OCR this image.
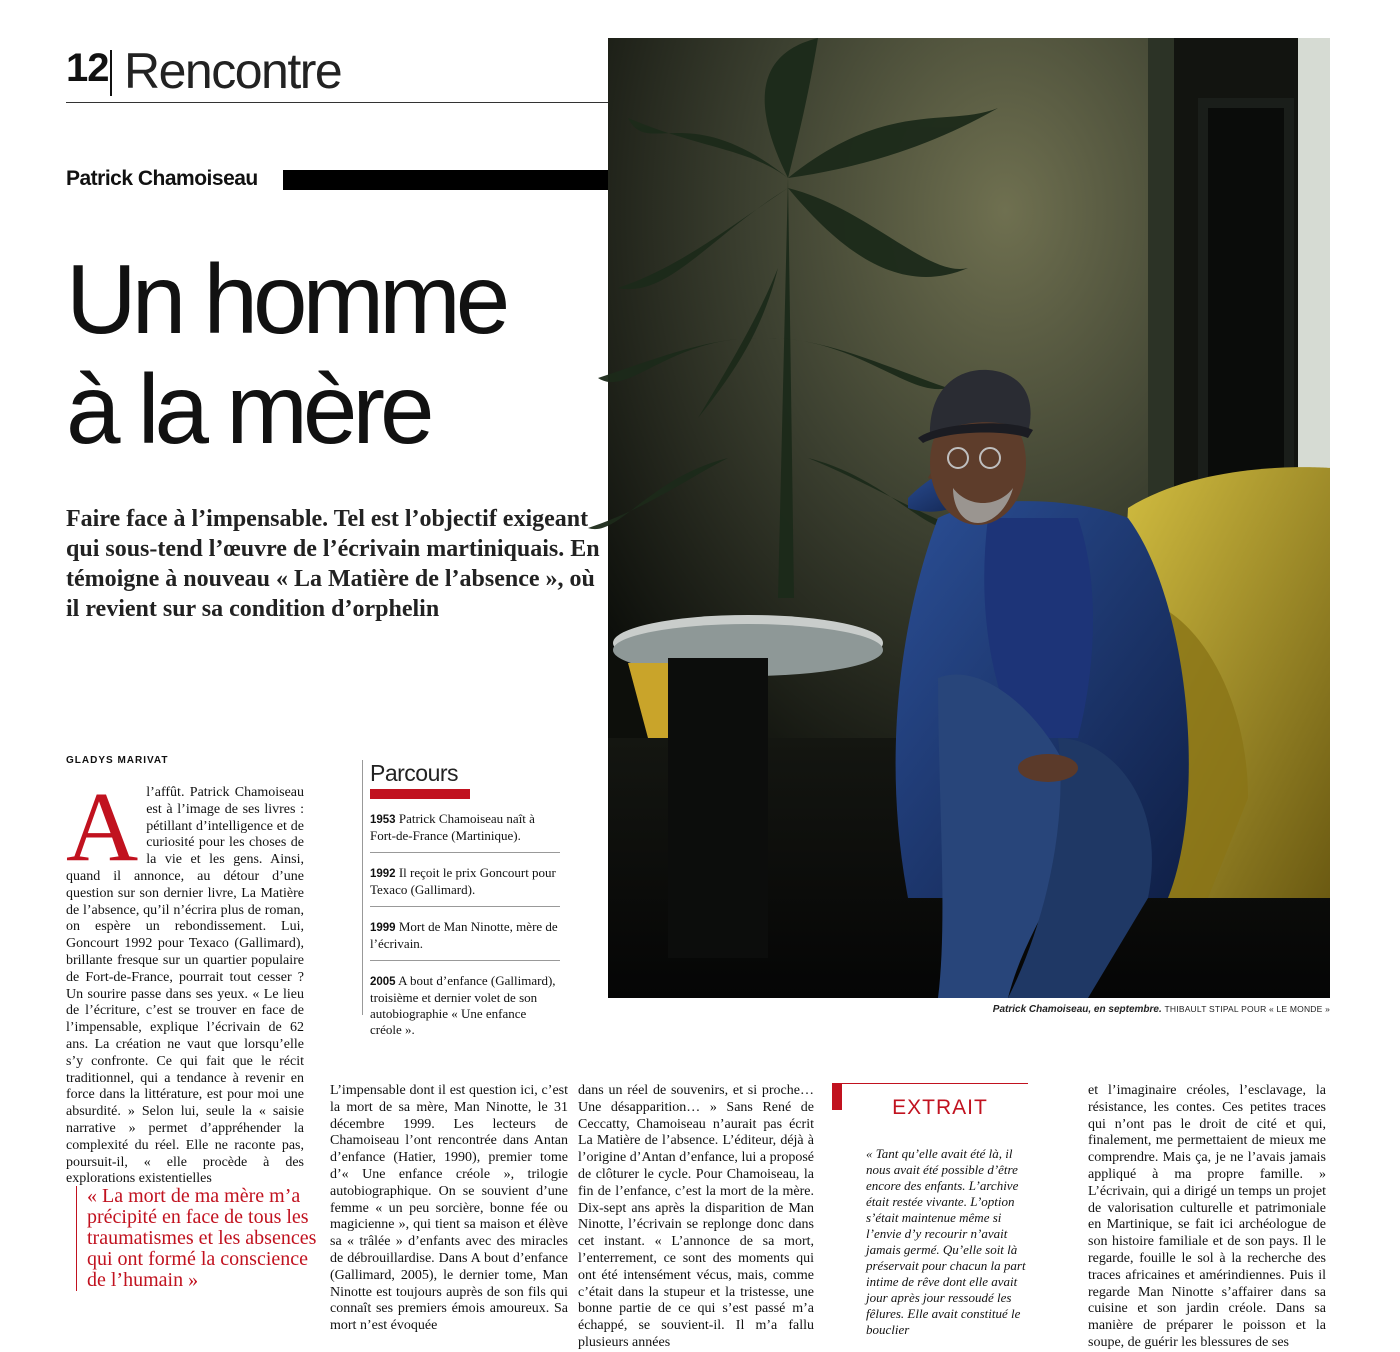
12 Rencontre
Patrick Chamoiseau
Un homme
à la mère
Faire face à l’impensable. Tel est l’objectif exigeant qui sous-tend l’œuvre de l’écrivain martiniquais. En témoigne à nouveau « La Matière de l’absence », où il revient sur sa condition d’orphelin
Patrick Chamoiseau, en septembre. THIBAULT STIPAL POUR « LE MONDE »
GLADYS MARIVAT
A l’affût. Patrick Chamoiseau est à l’image de ses livres : pétillant d’intelligence et de curiosité pour les choses de la vie et les gens. Ainsi, quand il annonce, au détour d’une question sur son dernier livre, La Matière de l’absence, qu’il n’écrira plus de roman, on espère un rebondissement. Lui, Goncourt 1992 pour Texaco (Gallimard), brillante fresque sur un quartier populaire de Fort-de-France, pourrait tout cesser ? Un sourire passe dans ses yeux. « Le lieu de l’écriture, c’est se trouver en face de l’impensable, explique l’écrivain de 62 ans. La création ne vaut que lorsqu’elle s’y confronte. Ce qui fait que le récit traditionnel, qui a tendance à revenir en force dans la littérature, est pour moi une absurdité. » Selon lui, seule la « saisie narrative » permet d’appréhender la complexité du réel. Elle ne raconte pas, poursuit-il, « elle procède à des explorations existentielles
Parcours
1953 Patrick Chamoiseau naît à Fort-de-France (Martinique).
1992 Il reçoit le prix Goncourt pour Texaco (Gallimard).
1999 Mort de Man Ninotte, mère de l’écrivain.
2005 A bout d’enfance (Gallimard), troisième et dernier volet de son autobiographie « Une enfance créole ».
« La mort de ma mère m’a précipité en face de tous les traumatismes et les absences qui ont formé la conscience de l’humain »
L’impensable dont il est question ici, c’est la mort de sa mère, Man Ninotte, le 31 décembre 1999. Les lecteurs de Chamoiseau l’ont rencontrée dans Antan d’enfance (Hatier, 1990), premier tome d’« Une enfance créole », trilogie autobiographique. On se souvient d’une femme « un peu sorcière, bonne fée ou magicienne », qui tient sa maison et élève sa « trâlée » d’enfants avec des miracles de débrouillardise. Dans A bout d’enfance (Gallimard, 2005), le dernier tome, Man Ninotte est toujours auprès de son fils qui connaît ses premiers émois amoureux. Sa mort n’est évoquée
dans un réel de souvenirs, et si proche… Une désapparition… » Sans René de Ceccatty, Chamoiseau n’aurait pas écrit La Matière de l’absence. L’éditeur, déjà à l’origine d’Antan d’enfance, lui a proposé de clôturer le cycle. Pour Chamoiseau, la fin de l’enfance, c’est la mort de la mère. Dix-sept ans après la disparition de Man Ninotte, l’écrivain se replonge donc dans cet instant. « L’annonce de sa mort, l’enterrement, ce sont des moments qui ont été intensément vécus, mais, comme c’était dans la stupeur et la tristesse, une bonne partie de ce qui s’est passé m’a échappé, se souvient-il. Il m’a fallu plusieurs années
EXTRAIT
« Tant qu’elle avait été là, il nous avait été possible d’être encore des enfants. L’archive était restée vivante. L’option s’était maintenue même si l’envie d’y recourir n’avait jamais germé. Qu’elle soit là préservait pour chacun la part intime de rêve dont elle avait jour après jour ressoudé les fêlures. Elle avait constitué le bouclier
et l’imaginaire créoles, l’esclavage, la résistance, les contes. Ces petites traces qui n’ont pas le droit de cité et qui, finalement, me permettaient de mieux me comprendre. Mais ça, je ne l’avais jamais appliqué à ma propre famille. » L’écrivain, qui a dirigé un temps un projet de valorisation culturelle et patrimoniale en Martinique, se fait ici archéologue de son histoire familiale et de son pays. Il le regarde, fouille le sol à la recherche des traces africaines et amérindiennes. Puis il regarde Man Ninotte s’affairer dans sa cuisine et son jardin créole. Dans sa manière de préparer le poisson et la soupe, de guérir les blessures de ses
